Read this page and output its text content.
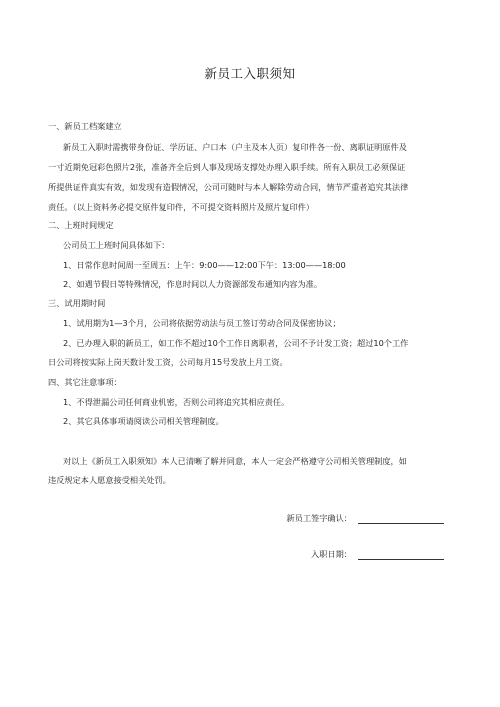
新员工入职须知
一、新员工档案建立
新员工入职时需携带身份证、学历证、户口本（户主及本人页）复印件各一份、离职证明原件及
一寸近期免冠彩色照片2张，准备齐全后到人事及现场支撑处办理入职手续。所有入职员工必须保证
所提供证件真实有效，如发现有造假情况，公司可随时与本人解除劳动合同，情节严重者追究其法律
责任。（以上资料务必提交原件复印件，不可提交资料照片及照片复印件）
二、上班时间规定
公司员工上班时间具体如下：
1、日常作息时间周一至周五：上午：9:00——12:00下午：13:00——18:00
2、如遇节假日等特殊情况，作息时间以人力资源部发布通知内容为准。
三、试用期时间
1、试用期为1—3个月，公司将依据劳动法与员工签订劳动合同及保密协议；
2、已办理入职的新员工，如工作不超过10个工作日离职者，公司不予计发工资；超过10个工作
日公司将按实际上岗天数计发工资，公司每月15号发放上月工资。
四、其它注意事项：
1、不得泄漏公司任何商业机密，否则公司将追究其相应责任。
2、其它具体事项请阅读公司相关管理制度。
对以上《新员工入职须知》本人已清晰了解并同意，本人一定会严格遵守公司相关管理制度，如
违反规定本人愿意接受相关处罚。
新员工签字确认：
入职日期：
